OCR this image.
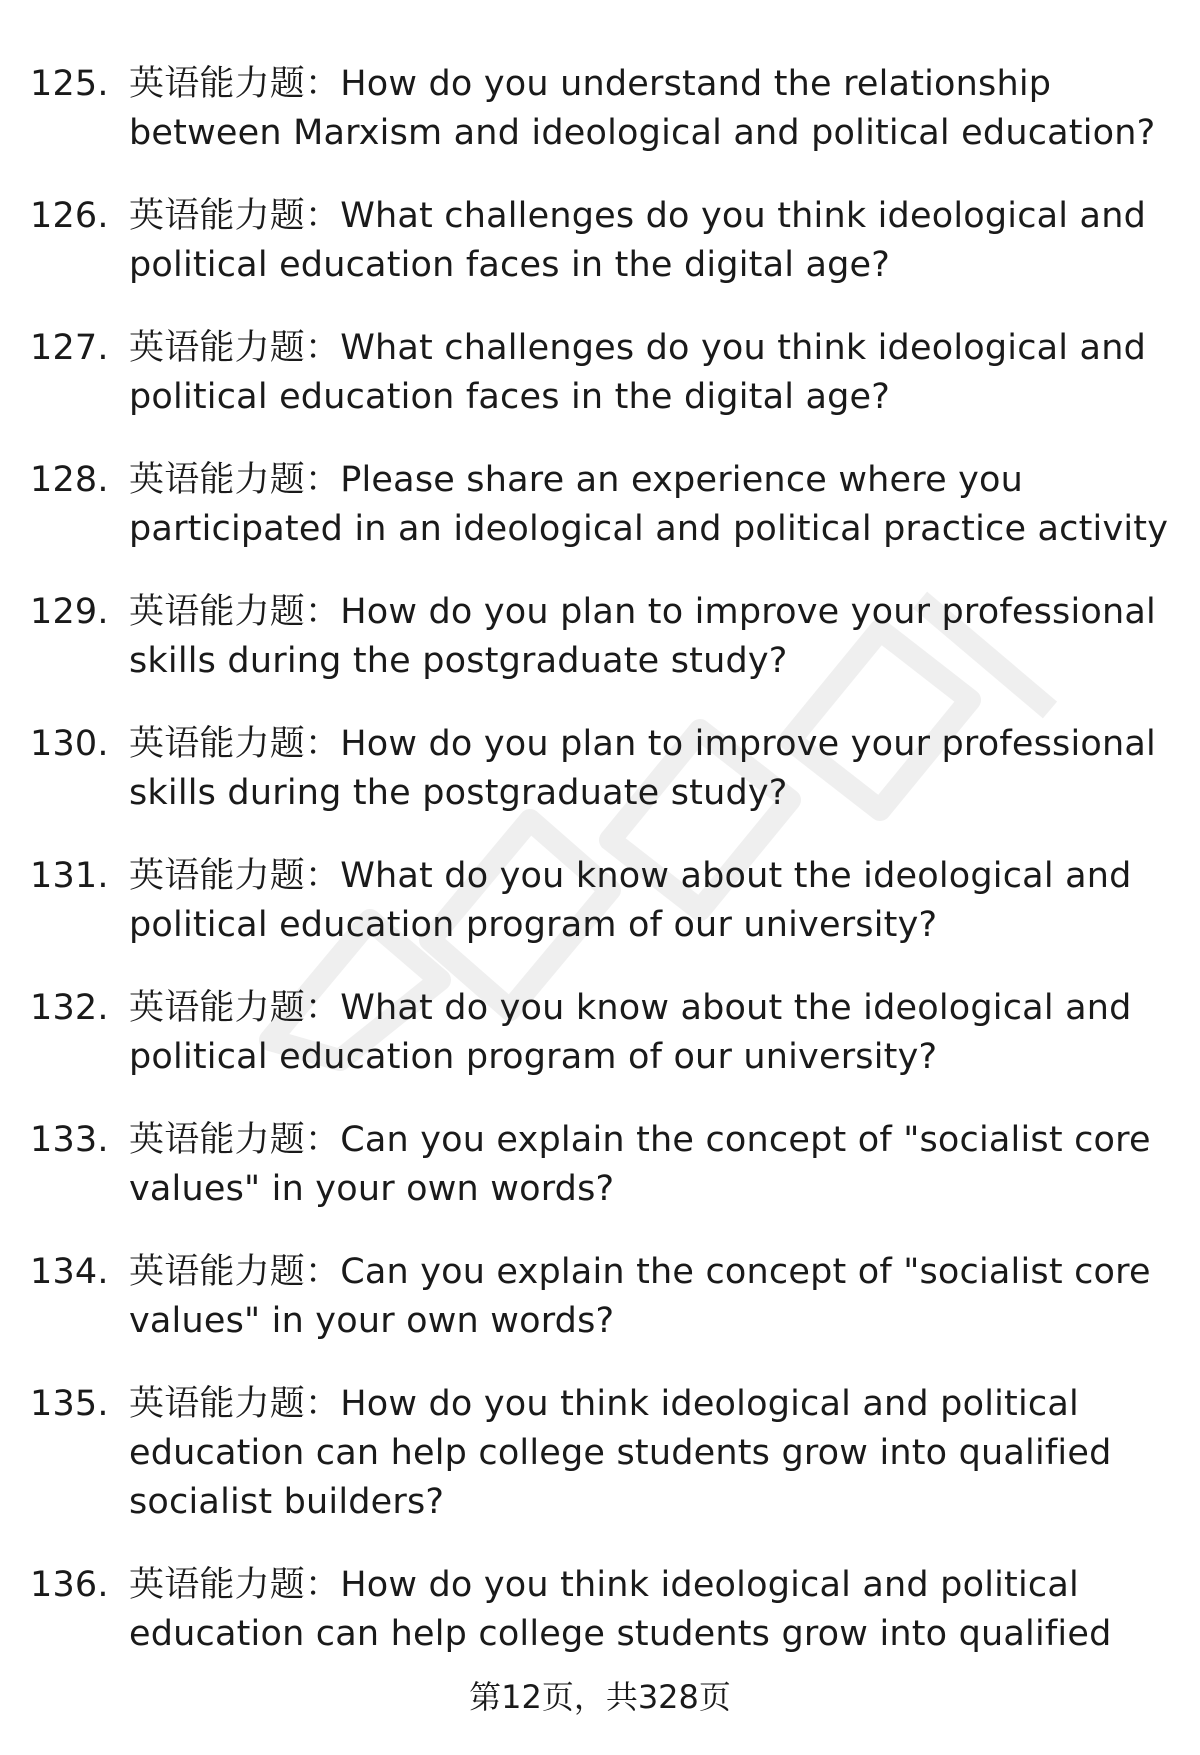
125. 英语能力题：How do you understand the relationship between Marxism and ideological and political education?
126. 英语能力题：What challenges do you think ideological and political education faces in the digital age?
127. 英语能力题：What challenges do you think ideological and political education faces in the digital age?
128. 英语能力题：Please share an experience where you participated in an ideological and political practice activity
129. 英语能力题：How do you plan to improve your professional skills during the postgraduate study?
130. 英语能力题：How do you plan to improve your professional skills during the postgraduate study?
131. 英语能力题：What do you know about the ideological and political education program of our university?
132. 英语能力题：What do you know about the ideological and political education program of our university?
133. 英语能力题：Can you explain the concept of "socialist core values" in your own words?
134. 英语能力题：Can you explain the concept of "socialist core values" in your own words?
135. 英语能力题：How do you think ideological and political education can help college students grow into qualified socialist builders?
136. 英语能力题：How do you think ideological and political education can help college students grow into qualified
第12页，共328页
